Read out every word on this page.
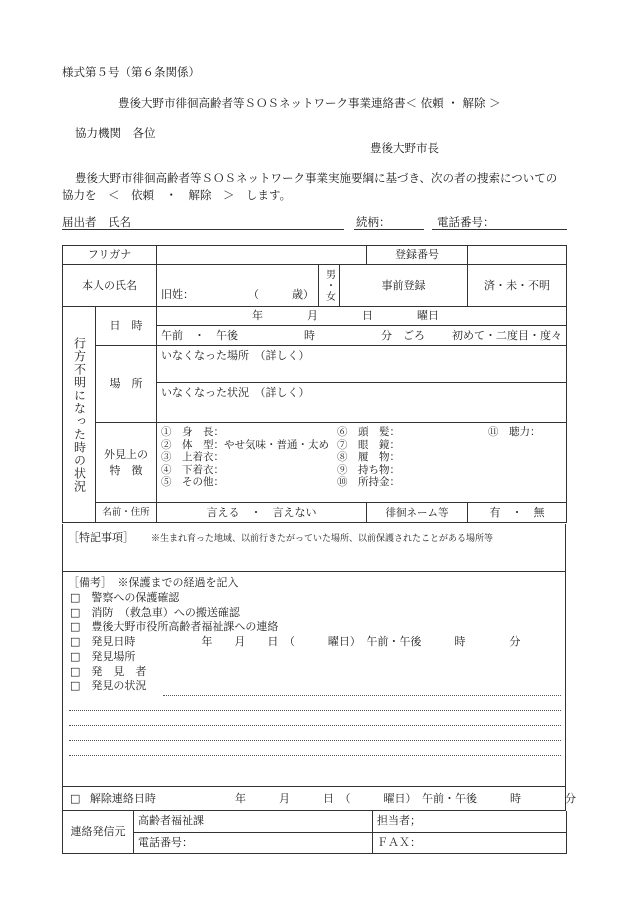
様式第５号（第６条関係）
豊後大野市徘徊高齢者等ＳＯＳネットワーク事業連絡書＜ 依頼 ・ 解除 ＞
協力機関　各位
豊後大野市長
豊後大野市徘徊高齢者等ＳＯＳネットワーク事業実施要綱に基づき、次の者の捜索についての
協力を　＜　依頼　・　解除　＞　します。
届出者　氏名	続柄：	電話番号：
フリガナ		登録番号	
本人の氏名	旧姓：	（　　　歳）	男・女	事前登録	済・未・不明

行方不明になった時の状況
	日　時	年　　　　月　　　　日　　　　曜日
午前　・　午後　　　　　　時　　　　　　分　ごろ 初めて・二度目・度々

場　所	いなくなった場所　（詳しく）
いなくなった状況　（詳しく）
外見上の特　徴	
①　身　長：	⑥　頭　髪：	⑪　聴力：
②　体　型：やせ気味・普通・太め	⑦　眼　鏡：	
③　上着衣：	⑧　履　物：	
④　下着衣：	⑨　持ち物：	
⑤　その他：	⑩　所持金：	

名前・住所	言える　・　言えない	徘徊ネーム等	有　・　無
［特記事項］ ※生まれ育った地域、以前行きたがっていた場所、以前保護されたことがある場所等
［備考］　※保護までの経過を記入
□　 警察への保護確認
□　 消防　（救急車）への搬送確認
□　 豊後大野市役所高齢者福祉課への連絡
□　 発見日時　　　　　　年　　月　　日　（　　　曜日）　午前・午後　　　時　　　　分
□　 発見場所
□　 発　見　者
□　 発見の状況
□ 解除連絡日時	年　　　月　　　日　（　　　曜日）　午前・午後　　　時　　　　分
連絡発信元	高齢者福祉課	担当者；
	電話番号：	ＦＡＸ：
